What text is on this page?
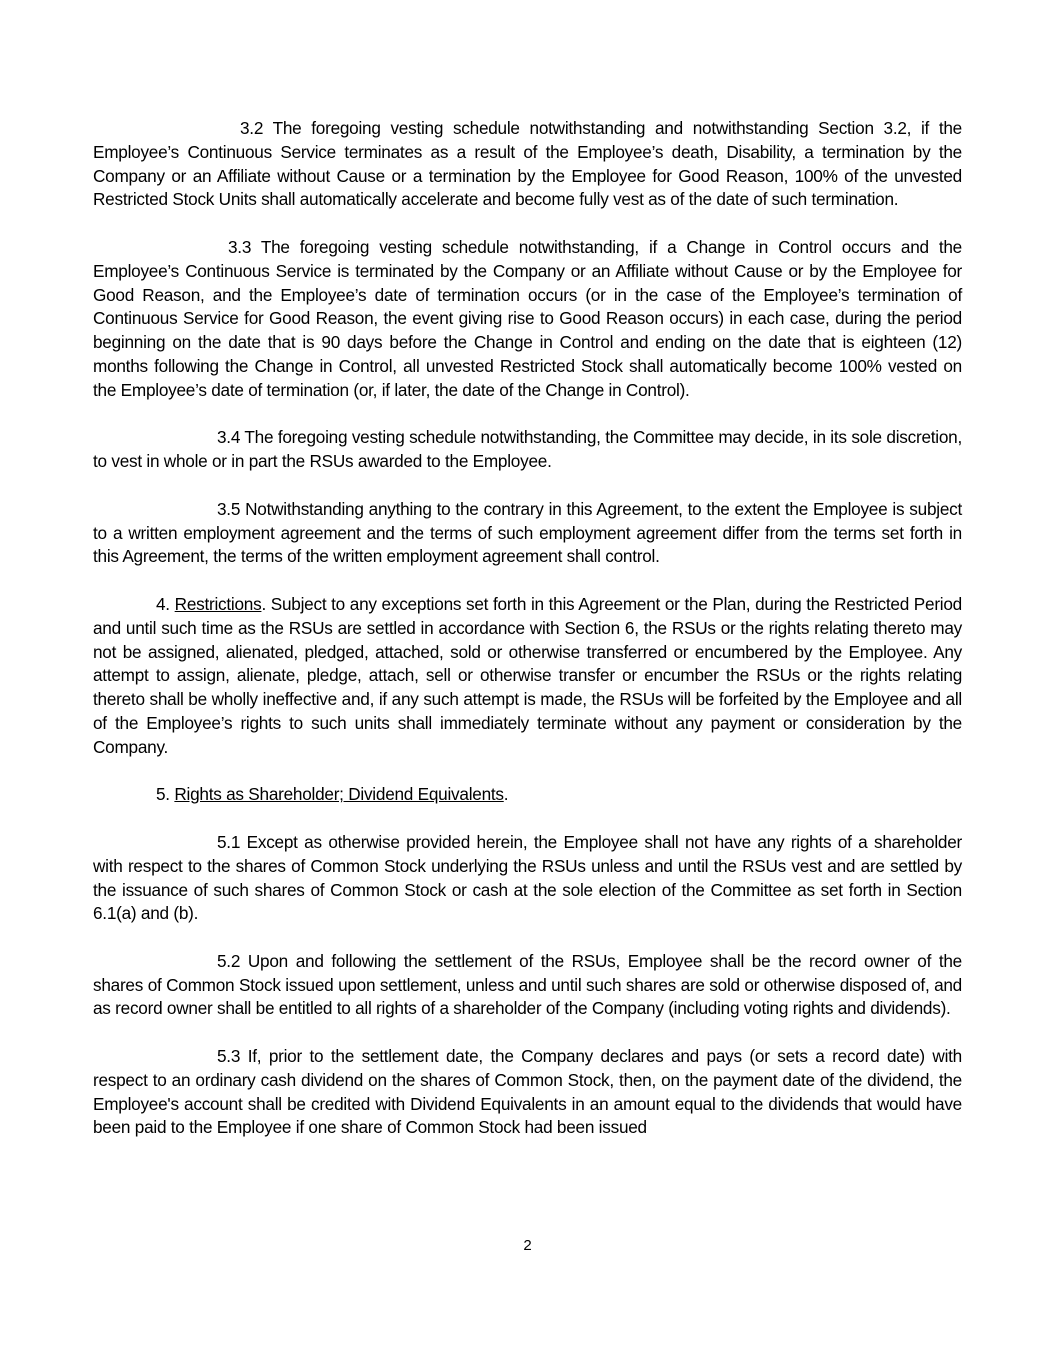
3.2 The foregoing vesting schedule notwithstanding and notwithstanding Section 3.2, if the Employee’s Continuous Service terminates as a result of the Employee’s death, Disability, a termination by the Company or an Affiliate without Cause or a termination by the Employee for Good Reason, 100% of the unvested Restricted Stock Units shall automatically accelerate and become fully vest as of the date of such termination.

3.3 The foregoing vesting schedule notwithstanding, if a Change in Control occurs and the Employee’s Continuous Service is terminated by the Company or an Affiliate without Cause or by the Employee for Good Reason, and the Employee’s date of termination occurs (or in the case of the Employee’s termination of Continuous Service for Good Reason, the event giving rise to Good Reason occurs) in each case, during the period beginning on the date that is 90 days before the Change in Control and ending on the date that is eighteen (12) months following the Change in Control, all unvested Restricted Stock shall automatically become 100% vested on the Employee’s date of termination (or, if later, the date of the Change in Control).

3.4 The foregoing vesting schedule notwithstanding, the Committee may decide, in its sole discretion, to vest in whole or in part the RSUs awarded to the Employee.

3.5 Notwithstanding anything to the contrary in this Agreement, to the extent the Employee is subject to a written employment agreement and the terms of such employment agreement differ from the terms set forth in this Agreement, the terms of the written employment agreement shall control.

4. Restrictions. Subject to any exceptions set forth in this Agreement or the Plan, during the Restricted Period and until such time as the RSUs are settled in accordance with Section 6, the RSUs or the rights relating thereto may not be assigned, alienated, pledged, attached, sold or otherwise transferred or encumbered by the Employee. Any attempt to assign, alienate, pledge, attach, sell or otherwise transfer or encumber the RSUs or the rights relating thereto shall be wholly ineffective and, if any such attempt is made, the RSUs will be forfeited by the Employee and all of the Employee’s rights to such units shall immediately terminate without any payment or consideration by the Company.

5. Rights as Shareholder; Dividend Equivalents.

5.1 Except as otherwise provided herein, the Employee shall not have any rights of a shareholder with respect to the shares of Common Stock underlying the RSUs unless and until the RSUs vest and are settled by the issuance of such shares of Common Stock or cash at the sole election of the Committee as set forth in Section 6.1(a) and (b).

5.2 Upon and following the settlement of the RSUs, Employee shall be the record owner of the shares of Common Stock issued upon settlement, unless and until such shares are sold or otherwise disposed of, and as record owner shall be entitled to all rights of a shareholder of the Company (including voting rights and dividends).

5.3 If, prior to the settlement date, the Company declares and pays (or sets a record date) with respect to an ordinary cash dividend on the shares of Common Stock, then, on the payment date of the dividend, the Employee's account shall be credited with Dividend Equivalents in an amount equal to the dividends that would have been paid to the Employee if one share of Common Stock had been issued

2
